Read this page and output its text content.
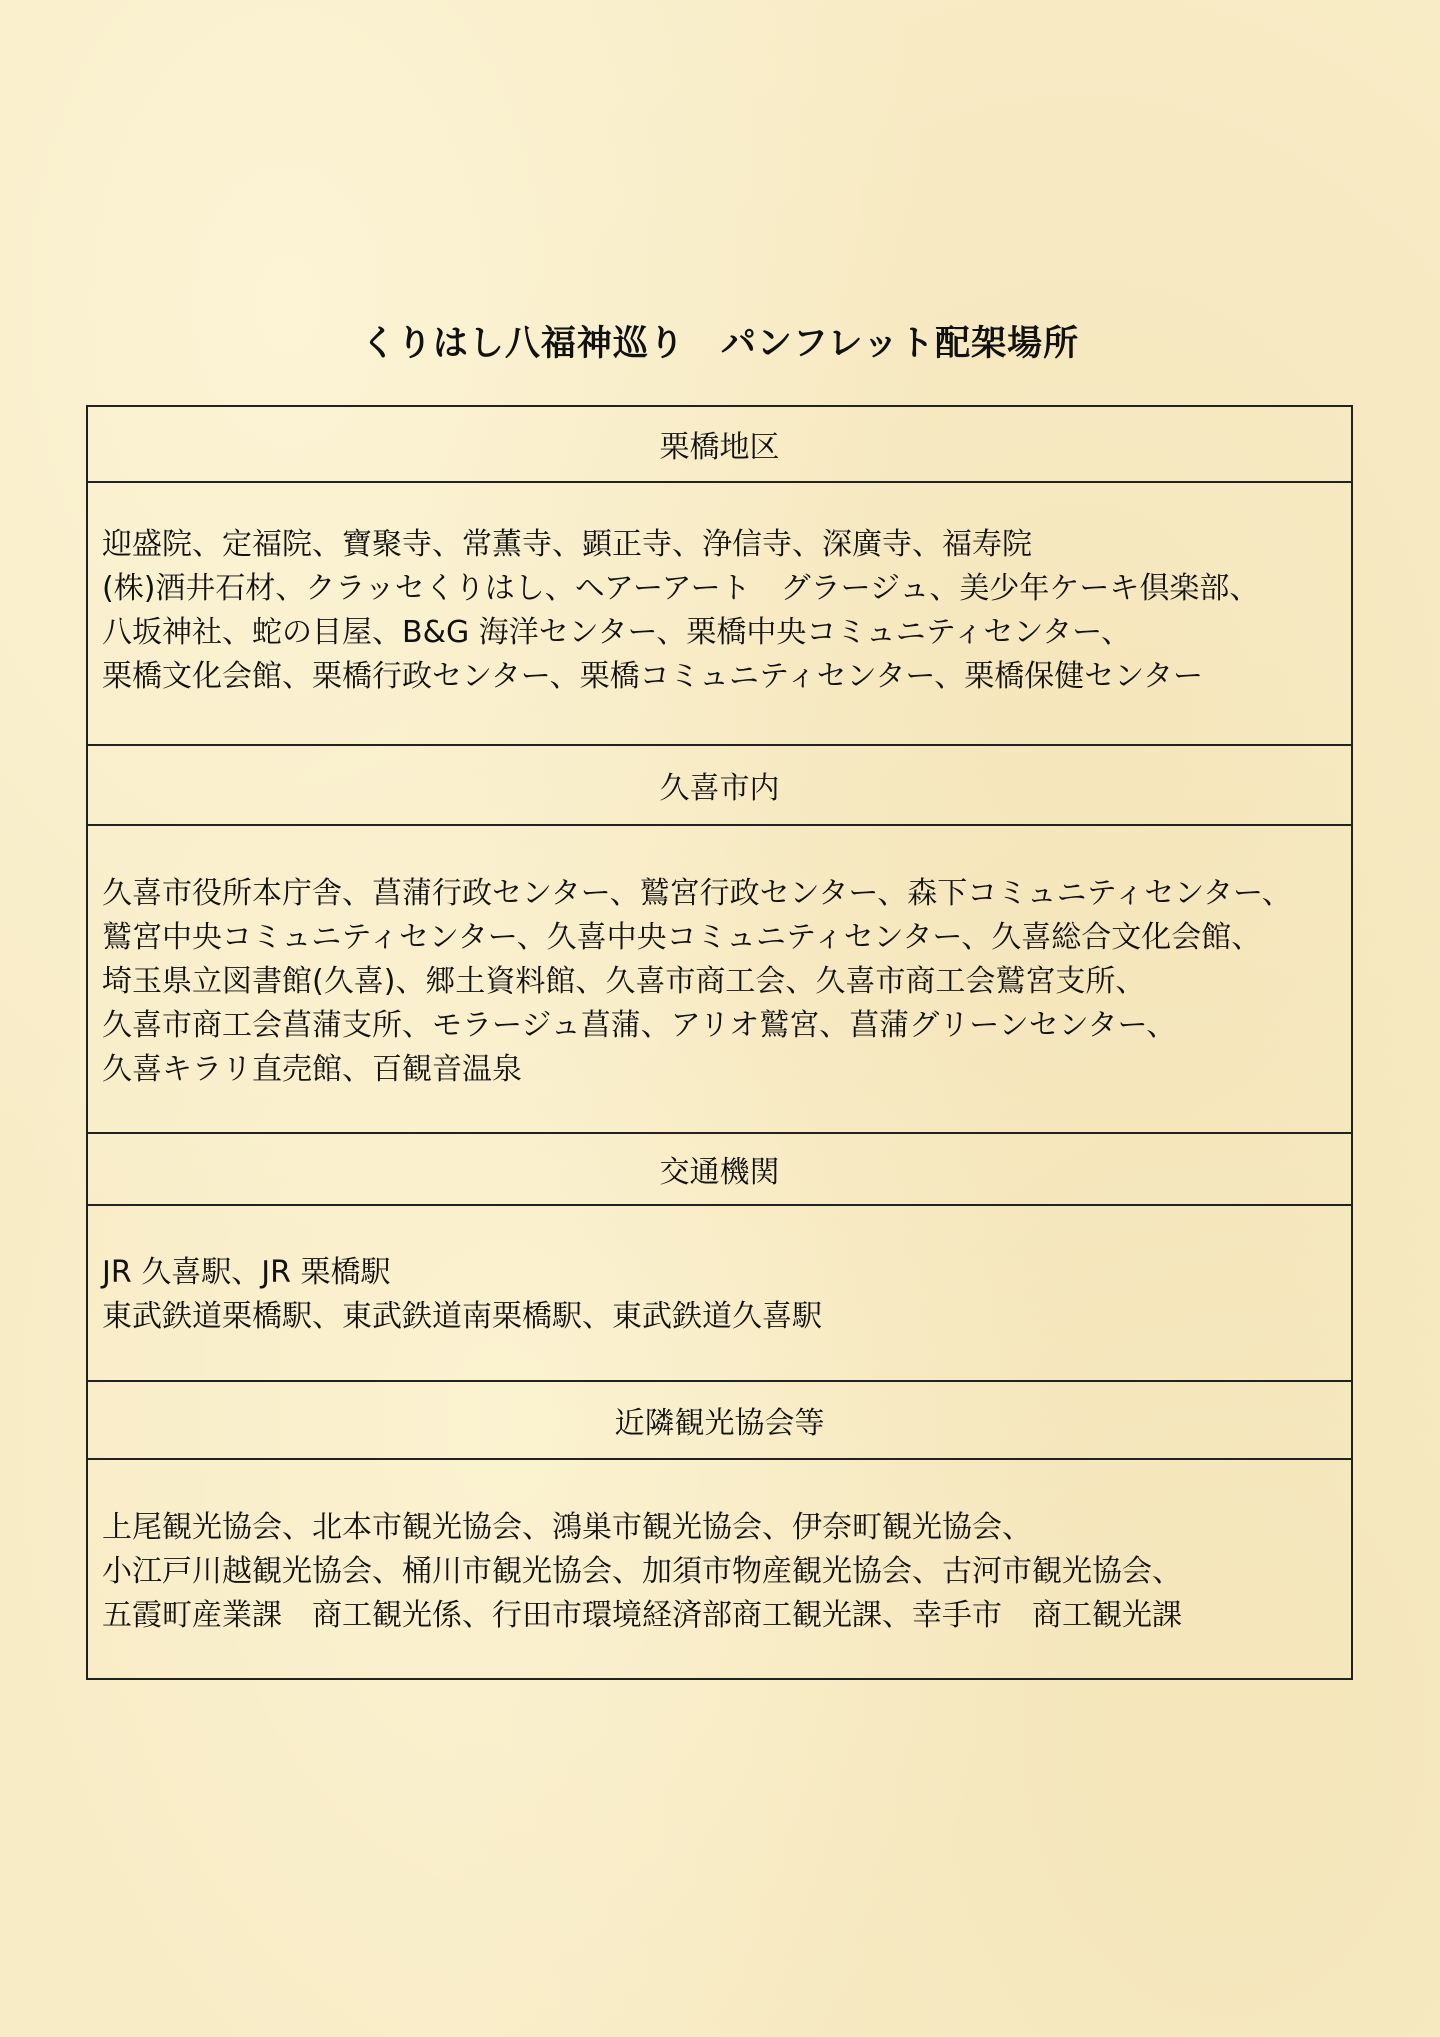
くりはし八福神巡り　パンフレット配架場所
栗橋地区
迎盛院、定福院、寶聚寺、常薫寺、顕正寺、浄信寺、深廣寺、福寿院
(株)酒井石材、クラッセくりはし、ヘアーアート　グラージュ、美少年ケーキ倶楽部、
八坂神社、蛇の目屋、B&G 海洋センター、栗橋中央コミュニティセンター、
栗橋文化会館、栗橋行政センター、栗橋コミュニティセンター、栗橋保健センター
久喜市内
久喜市役所本庁舎、菖蒲行政センター、鷲宮行政センター、森下コミュニティセンター、
鷲宮中央コミュニティセンター、久喜中央コミュニティセンター、久喜総合文化会館、
埼玉県立図書館(久喜)、郷土資料館、久喜市商工会、久喜市商工会鷲宮支所、
久喜市商工会菖蒲支所、モラージュ菖蒲、アリオ鷲宮、菖蒲グリーンセンター、
久喜キラリ直売館、百観音温泉
交通機関
JR 久喜駅、JR 栗橋駅
東武鉄道栗橋駅、東武鉄道南栗橋駅、東武鉄道久喜駅
近隣観光協会等
上尾観光協会、北本市観光協会、鴻巣市観光協会、伊奈町観光協会、
小江戸川越観光協会、桶川市観光協会、加須市物産観光協会、古河市観光協会、
五霞町産業課　商工観光係、行田市環境経済部商工観光課、幸手市　商工観光課
